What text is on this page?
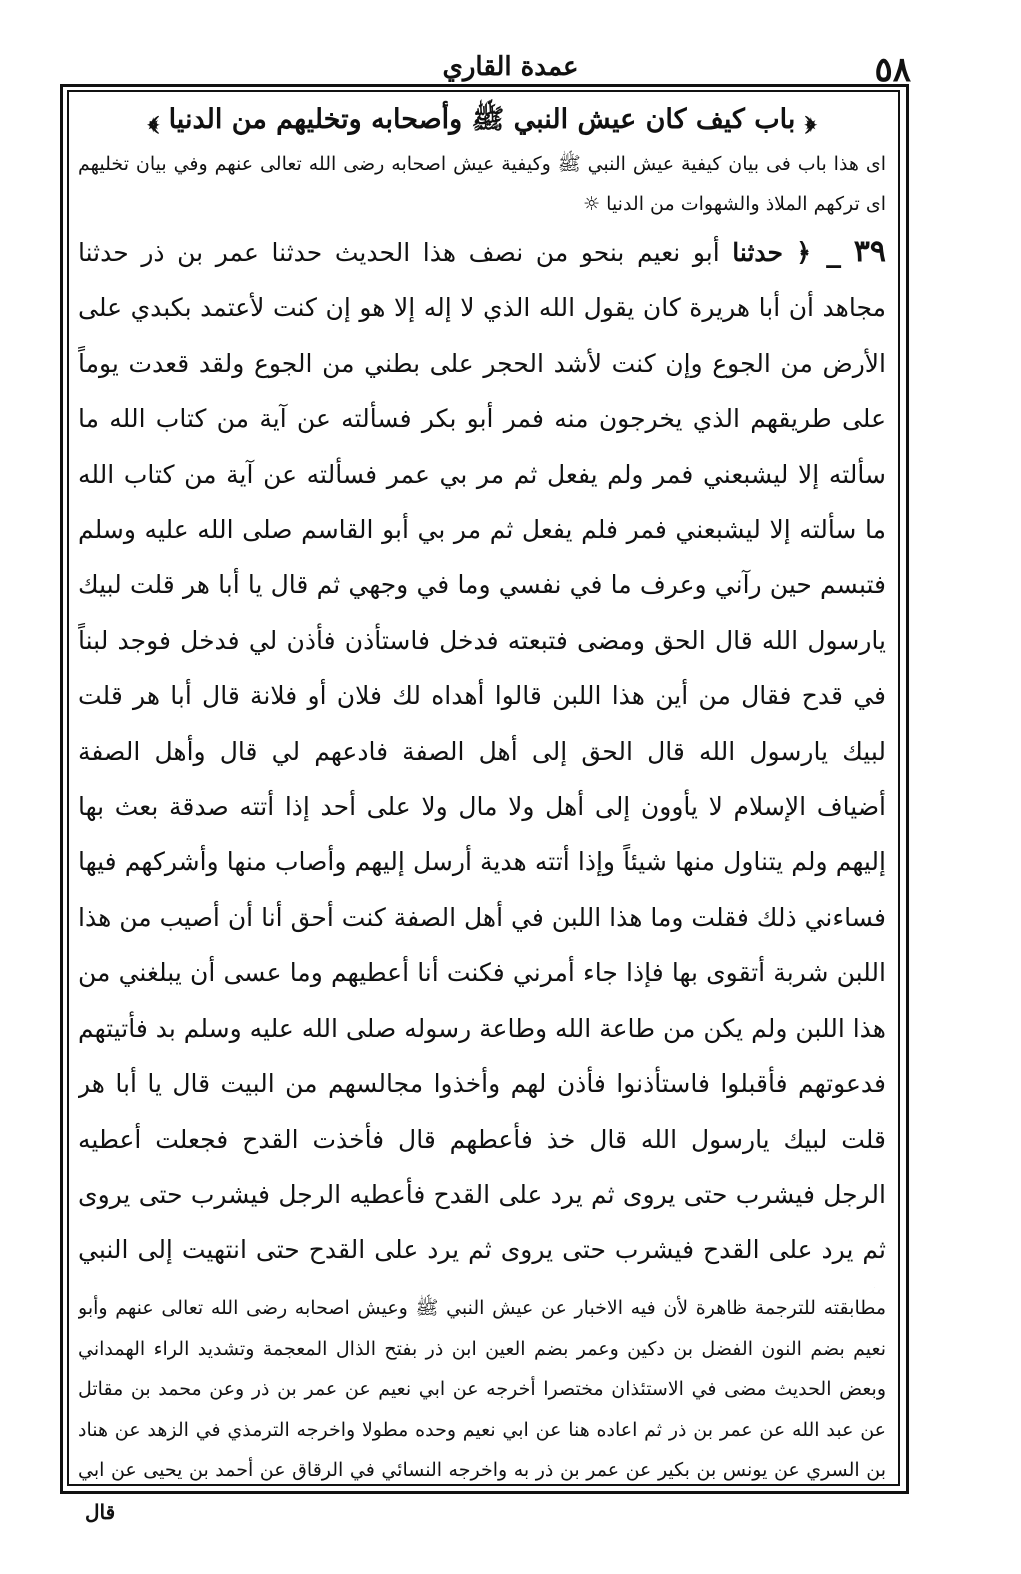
٥٨
عمدة القاري
﴿ باب كيف كان عيش النبي ﷺ وأصحابه وتخليهم من الدنيا ﴾
اى هذا باب فى بيان كيفية عيش النبي ﷺ وكيفية عيش اصحابه رضى الله تعالى عنهم وفي بيان تخليهم اى تركهم الملاذ والشهوات من الدنيا ☼
٣٩ _ ﴿ حدثنا أبو نعيم بنحو من نصف هذا الحديث حدثنا عمر بن ذر حدثنا مجاهد أن أبا هريرة كان يقول الله الذي لا إله إلا هو إن كنت لأعتمد بكبدي على الأرض من الجوع وإن كنت لأشد الحجر على بطني من الجوع ولقد قعدت يوماً على طريقهم الذي يخرجون منه فمر أبو بكر فسألته عن آية من كتاب الله ما سألته إلا ليشبعني فمر ولم يفعل ثم مر بي عمر فسألته عن آية من كتاب الله ما سألته إلا ليشبعني فمر فلم يفعل ثم مر بي أبو القاسم صلى الله عليه وسلم فتبسم حين رآني وعرف ما في نفسي وما في وجهي ثم قال يا أبا هر قلت لبيك يارسول الله قال الحق ومضى فتبعته فدخل فاستأذن فأذن لي فدخل فوجد لبناً في قدح فقال من أين هذا اللبن قالوا أهداه لك فلان أو فلانة قال أبا هر قلت لبيك يارسول الله قال الحق إلى أهل الصفة فادعهم لي قال وأهل الصفة أضياف الإسلام لا يأوون إلى أهل ولا مال ولا على أحد إذا أتته صدقة بعث بها إليهم ولم يتناول منها شيئاً وإذا أتته هدية أرسل إليهم وأصاب منها وأشركهم فيها فساءني ذلك فقلت وما هذا اللبن في أهل الصفة كنت أحق أنا أن أصيب من هذا اللبن شربة أتقوى بها فإذا جاء أمرني فكنت أنا أعطيهم وما عسى أن يبلغني من هذا اللبن ولم يكن من طاعة الله وطاعة رسوله صلى الله عليه وسلم بد فأتيتهم فدعوتهم فأقبلوا فاستأذنوا فأذن لهم وأخذوا مجالسهم من البيت قال يا أبا هر قلت لبيك يارسول الله قال خذ فأعطهم قال فأخذت القدح فجعلت أعطيه الرجل فيشرب حتى يروى ثم يرد على القدح فأعطيه الرجل فيشرب حتى يروى ثم يرد على القدح فيشرب حتى يروى ثم يرد على القدح حتى انتهيت إلى النبي
مطابقته للترجمة ظاهرة لأن فيه الاخبار عن عيش النبي ﷺ وعيش اصحابه رضى الله تعالى عنهم وأبو نعيم بضم النون الفضل بن دكين وعمر بضم العين ابن ذر بفتح الذال المعجمة وتشديد الراء الهمداني وبعض الحديث مضى في الاستئذان مختصرا أخرجه عن ابي نعيم عن عمر بن ذر وعن محمد بن مقاتل عن عبد الله عن عمر بن ذر ثم اعاده هنا عن ابي نعيم وحده مطولا واخرجه الترمذي في الزهد عن هناد بن السري عن يونس بن بكير عن عمر بن ذر به واخرجه النسائي في الرقاق عن أحمد بن يحيى عن ابي
قال
